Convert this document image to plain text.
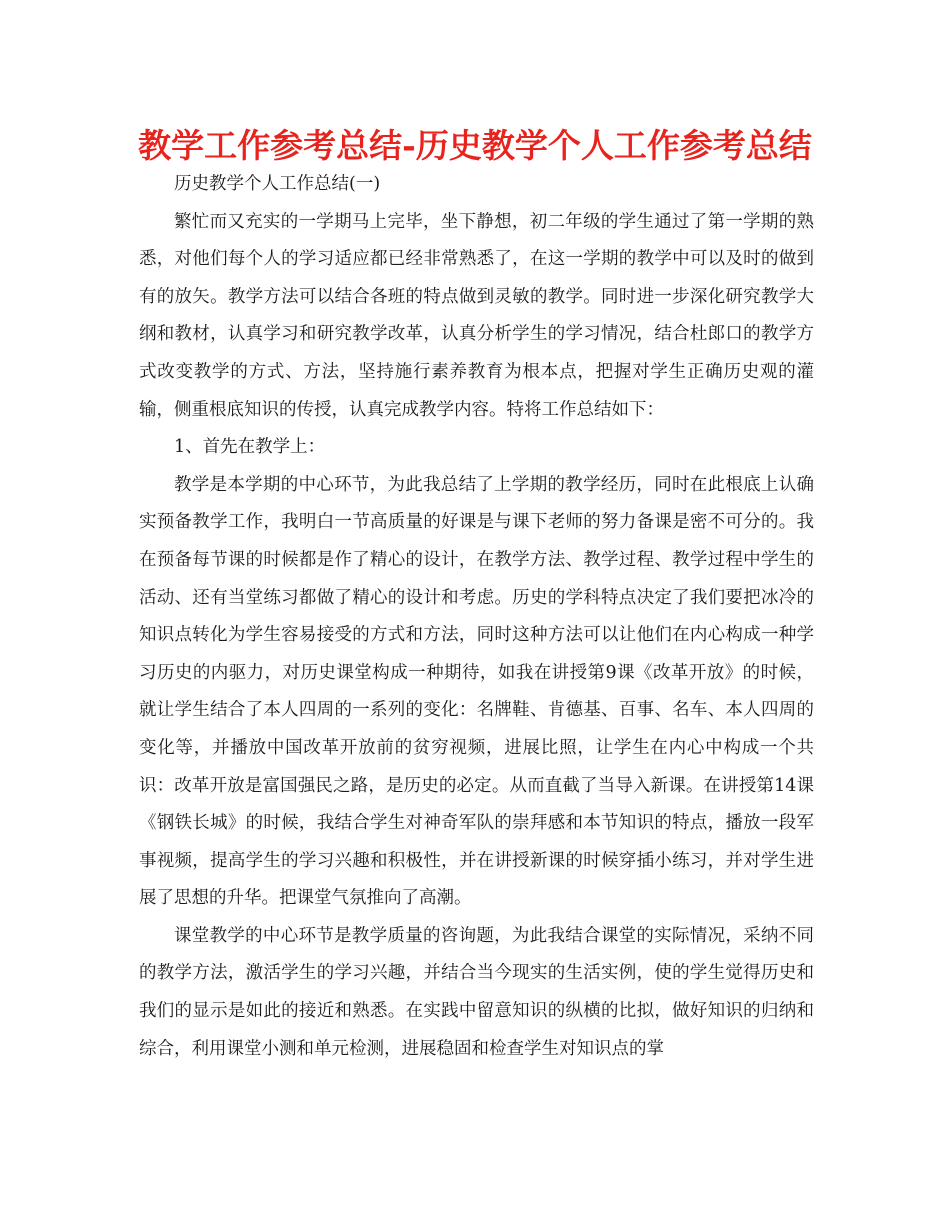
教学工作参考总结-历史教学个人工作参考总结

历史教学个人工作总结(一)

繁忙而又充实的一学期马上完毕，坐下静想，初二年级的学生通过了第一学期的熟悉，对他们每个人的学习适应都已经非常熟悉了，在这一学期的教学中可以及时的做到有的放矢。教学方法可以结合各班的特点做到灵敏的教学。同时进一步深化研究教学大纲和教材，认真学习和研究教学改革，认真分析学生的学习情况，结合杜郎口的教学方式改变教学的方式、方法，坚持施行素养教育为根本点，把握对学生正确历史观的灌输，侧重根底知识的传授，认真完成教学内容。特将工作总结如下：

1、首先在教学上：

教学是本学期的中心环节，为此我总结了上学期的教学经历，同时在此根底上认确实预备教学工作，我明白一节高质量的好课是与课下老师的努力备课是密不可分的。我在预备每节课的时候都是作了精心的设计，在教学方法、教学过程、教学过程中学生的活动、还有当堂练习都做了精心的设计和考虑。历史的学科特点决定了我们要把冰冷的知识点转化为学生容易接受的方式和方法，同时这种方法可以让他们在内心构成一种学习历史的内驱力，对历史课堂构成一种期待，如我在讲授第9课《改革开放》的时候，就让学生结合了本人四周的一系列的变化：名牌鞋、肯德基、百事、名车、本人四周的变化等，并播放中国改革开放前的贫穷视频，进展比照，让学生在内心中构成一个共识：改革开放是富国强民之路，是历史的必定。从而直截了当导入新课。在讲授第14课《钢铁长城》的时候，我结合学生对神奇军队的崇拜感和本节知识的特点，播放一段军事视频，提高学生的学习兴趣和积极性，并在讲授新课的时候穿插小练习，并对学生进展了思想的升华。把课堂气氛推向了高潮。

课堂教学的中心环节是教学质量的咨询题，为此我结合课堂的实际情况，采纳不同的教学方法，激活学生的学习兴趣，并结合当今现实的生活实例，使的学生觉得历史和我们的显示是如此的接近和熟悉。在实践中留意知识的纵横的比拟，做好知识的归纳和综合，利用课堂小测和单元检测，进展稳固和检查学生对知识点的掌
